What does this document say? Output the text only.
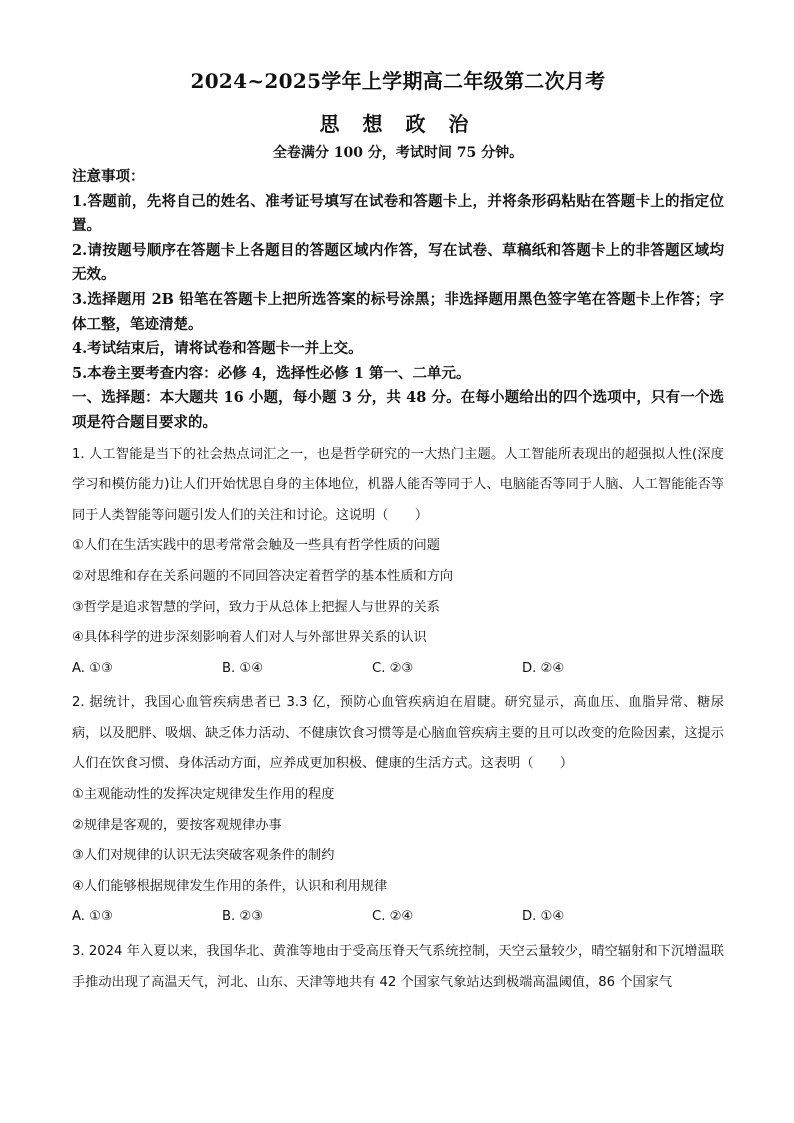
2024~2025学年上学期高二年级第二次月考
思 想 政 治
全卷满分 100 分，考试时间 75 分钟。
注意事项：
1.答题前，先将自己的姓名、准考证号填写在试卷和答题卡上，并将条形码粘贴在答题卡上的指定位置。
2.请按题号顺序在答题卡上各题目的答题区域内作答，写在试卷、草稿纸和答题卡上的非答题区域均无效。
3.选择题用 2B 铅笔在答题卡上把所选答案的标号涂黑；非选择题用黑色签字笔在答题卡上作答；字体工整，笔迹清楚。
4.考试结束后，请将试卷和答题卡一并上交。
5.本卷主要考查内容：必修 4，选择性必修 1 第一、二单元。
一、选择题：本大题共 16 小题，每小题 3 分，共 48 分。在每小题给出的四个选项中，只有一个选项是符合题目要求的。
1. 人工智能是当下的社会热点词汇之一，也是哲学研究的一大热门主题。人工智能所表现出的超强拟人性(深度学习和模仿能力)让人们开始忧思自身的主体地位，机器人能否等同于人、电脑能否等同于人脑、人工智能能否等同于人类智能等问题引发人们的关注和讨论。这说明（　　）
①人们在生活实践中的思考常常会触及一些具有哲学性质的问题
②对思维和存在关系问题的不同回答决定着哲学的基本性质和方向
③哲学是追求智慧的学问，致力于从总体上把握人与世界的关系
④具体科学的进步深刻影响着人们对人与外部世界关系的认识
A. ①③	B. ①④	C. ②③	D. ②④
2. 据统计，我国心血管疾病患者已 3.3 亿，预防心血管疾病迫在眉睫。研究显示，高血压、血脂异常、糖尿病，以及肥胖、吸烟、缺乏体力活动、不健康饮食习惯等是心脑血管疾病主要的且可以改变的危险因素，这提示人们在饮食习惯、身体活动方面，应养成更加积极、健康的生活方式。这表明（　　）
①主观能动性的发挥决定规律发生作用的程度
②规律是客观的，要按客观规律办事
③人们对规律的认识无法突破客观条件的制约
④人们能够根据规律发生作用的条件，认识和利用规律
A. ①③	B. ②③	C. ②④	D. ①④
3. 2024 年入夏以来，我国华北、黄淮等地由于受高压脊天气系统控制，天空云量较少，晴空辐射和下沉增温联手推动出现了高温天气，河北、山东、天津等地共有 42 个国家气象站达到极端高温阈值，86 个国家气
